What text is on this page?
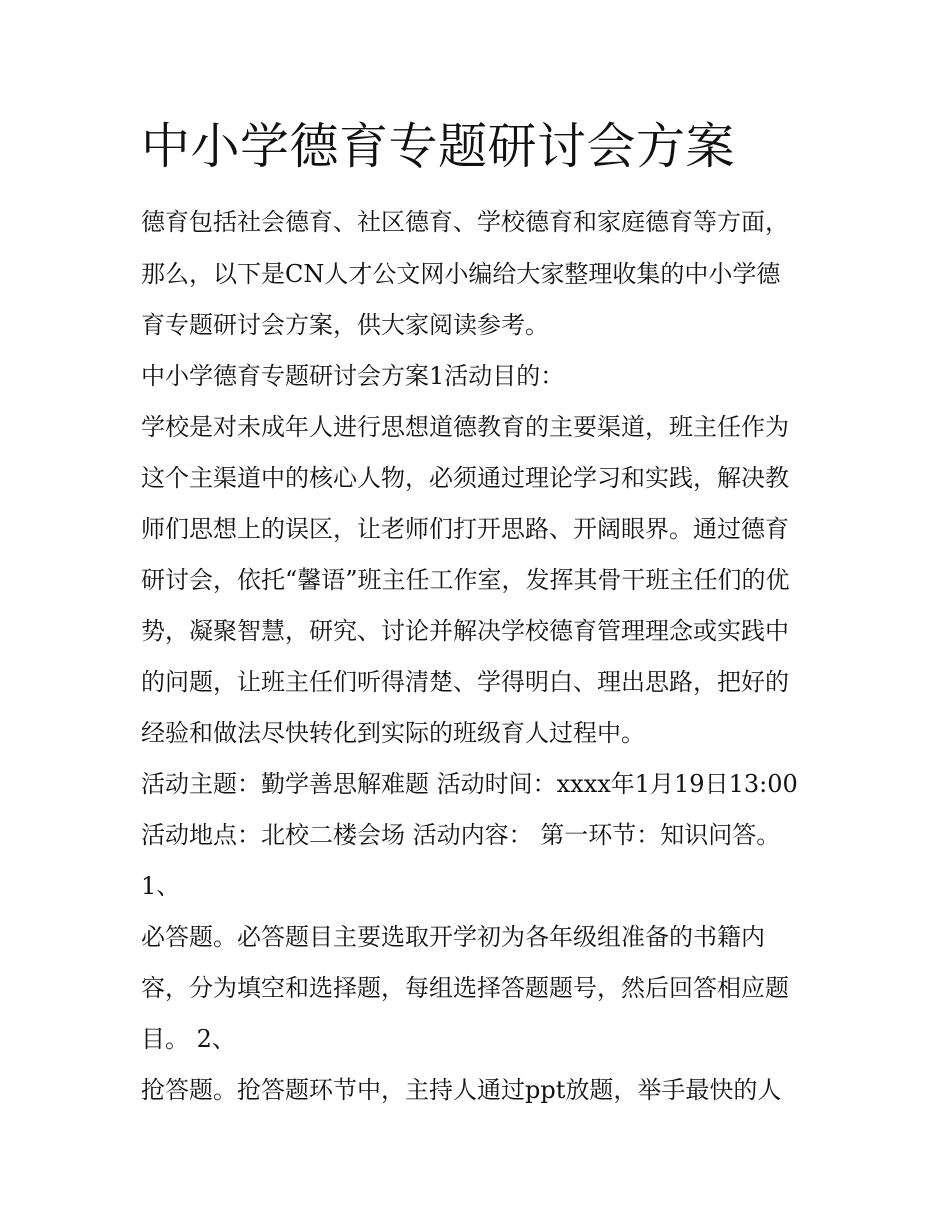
中小学德育专题研讨会方案

德育包括社会德育、社区德育、学校德育和家庭德育等方面，

那么，以下是CN人才公文网小编给大家整理收集的中小学德

育专题研讨会方案，供大家阅读参考。

中小学德育专题研讨会方案1活动目的：

学校是对未成年人进行思想道德教育的主要渠道，班主任作为

这个主渠道中的核心人物，必须通过理论学习和实践，解决教

师们思想上的误区，让老师们打开思路、开阔眼界。通过德育

研讨会，依托“馨语”班主任工作室，发挥其骨干班主任们的优

势，凝聚智慧，研究、讨论并解决学校德育管理理念或实践中

的问题，让班主任们听得清楚、学得明白、理出思路，把好的

经验和做法尽快转化到实际的班级育人过程中。

活动主题：勤学善思解难题 活动时间：xxxx年1月19日13:00

活动地点：北校二楼会场 活动内容： 第一环节：知识问答。

1、

必答题。必答题目主要选取开学初为各年级组准备的书籍内

容，分为填空和选择题，每组选择答题题号，然后回答相应题

目。 2、

抢答题。抢答题环节中，主持人通过ppt放题，举手最快的人
